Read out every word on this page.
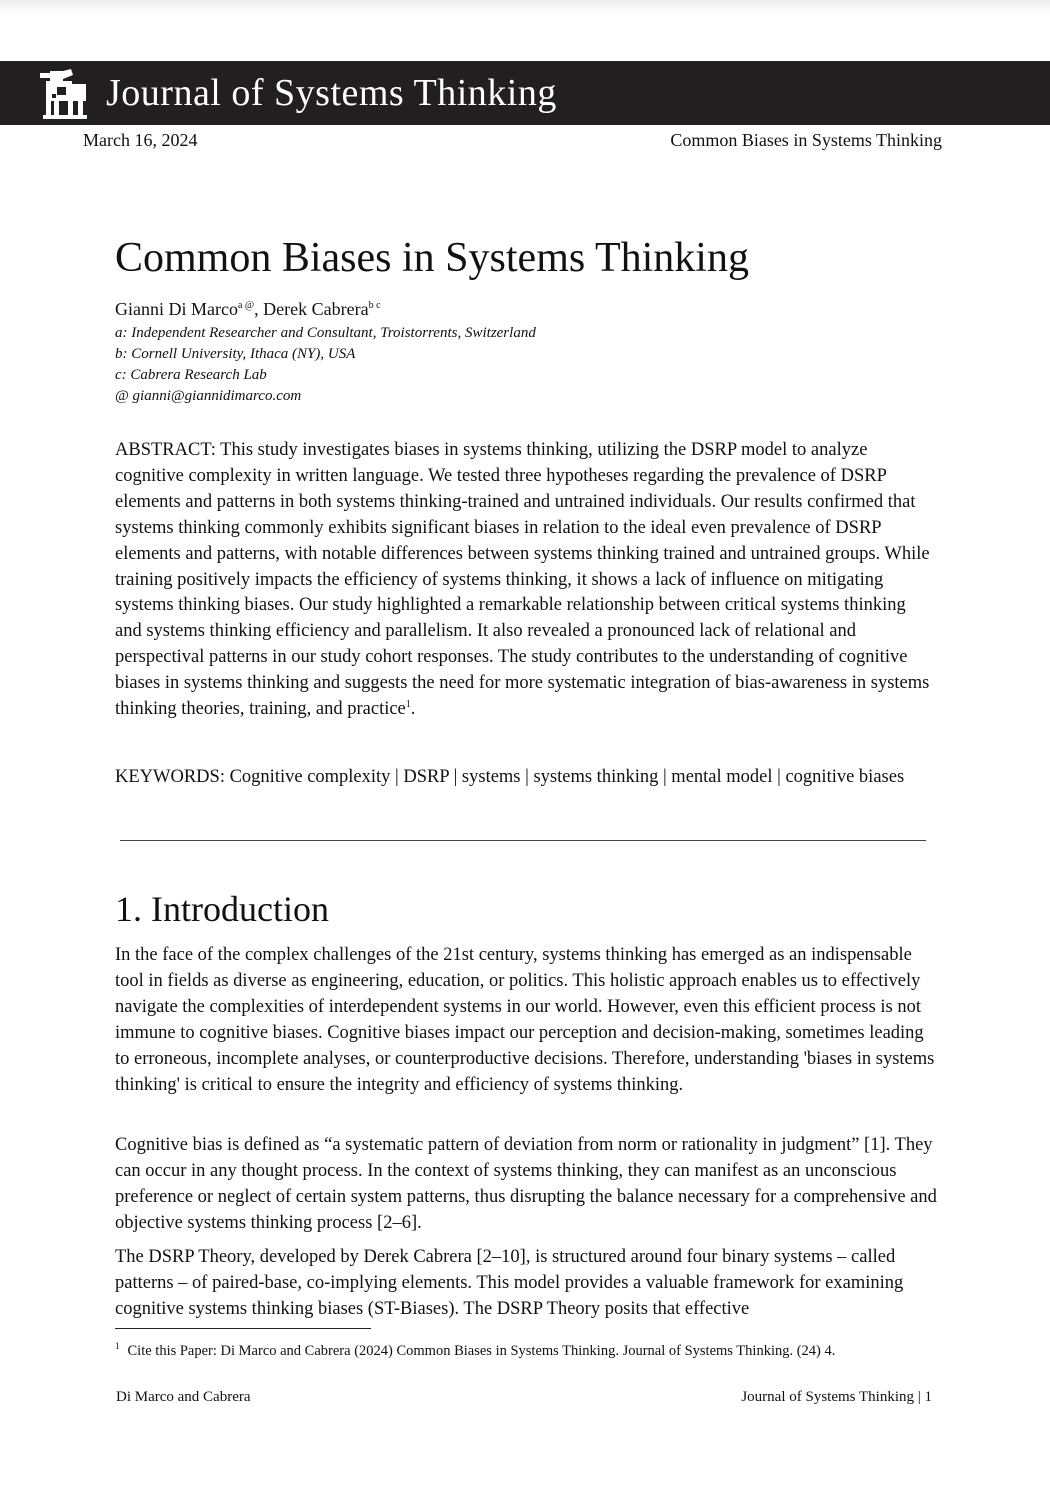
Journal of Systems Thinking
March 16, 2024	Common Biases in Systems Thinking
Common Biases in Systems Thinking
Gianni Di Marco$^{a @}$, Derek Cabrera$^{b c}$
a: Independent Researcher and Consultant, Troistorrents, Switzerland
b: Cornell University, Ithaca (NY), USA
c: Cabrera Research Lab
@ gianni@giannidimarco.com
ABSTRACT: This study investigates biases in systems thinking, utilizing the DSRP model to analyze cognitive complexity in written language. We tested three hypotheses regarding the prevalence of DSRP elements and patterns in both systems thinking-trained and untrained individuals. Our results confirmed that systems thinking commonly exhibits significant biases in relation to the ideal even prevalence of DSRP elements and patterns, with notable differences between systems thinking trained and untrained groups. While training positively impacts the efficiency of systems thinking, it shows a lack of influence on mitigating systems thinking biases. Our study highlighted a remarkable relationship between critical systems thinking and systems thinking efficiency and parallelism. It also revealed a pronounced lack of relational and perspectival patterns in our study cohort responses. The study contributes to the understanding of cognitive biases in systems thinking and suggests the need for more systematic integration of bias-awareness in systems thinking theories, training, and practice$^1$.
KEYWORDS: Cognitive complexity | DSRP | systems | systems thinking | mental model | cognitive biases
1. Introduction
In the face of the complex challenges of the 21st century, systems thinking has emerged as an indispensable tool in fields as diverse as engineering, education, or politics. This holistic approach enables us to effectively navigate the complexities of interdependent systems in our world. However, even this efficient process is not immune to cognitive biases. Cognitive biases impact our perception and decision-making, sometimes leading to erroneous, incomplete analyses, or counterproductive decisions. Therefore, understanding 'biases in systems thinking' is critical to ensure the integrity and efficiency of systems thinking.
Cognitive bias is defined as “a systematic pattern of deviation from norm or rationality in judgment” [1]. They can occur in any thought process. In the context of systems thinking, they can manifest as an unconscious preference or neglect of certain system patterns, thus disrupting the balance necessary for a comprehensive and objective systems thinking process [2–6].
The DSRP Theory, developed by Derek Cabrera [2–10], is structured around four binary systems – called patterns – of paired-base, co-implying elements. This model provides a valuable framework for examining cognitive systems thinking biases (ST-Biases). The DSRP Theory posits that effective
$^1$ Cite this Paper: Di Marco and Cabrera (2024) Common Biases in Systems Thinking. Journal of Systems Thinking. (24) 4.
Di Marco and Cabrera	Journal of Systems Thinking | 1
